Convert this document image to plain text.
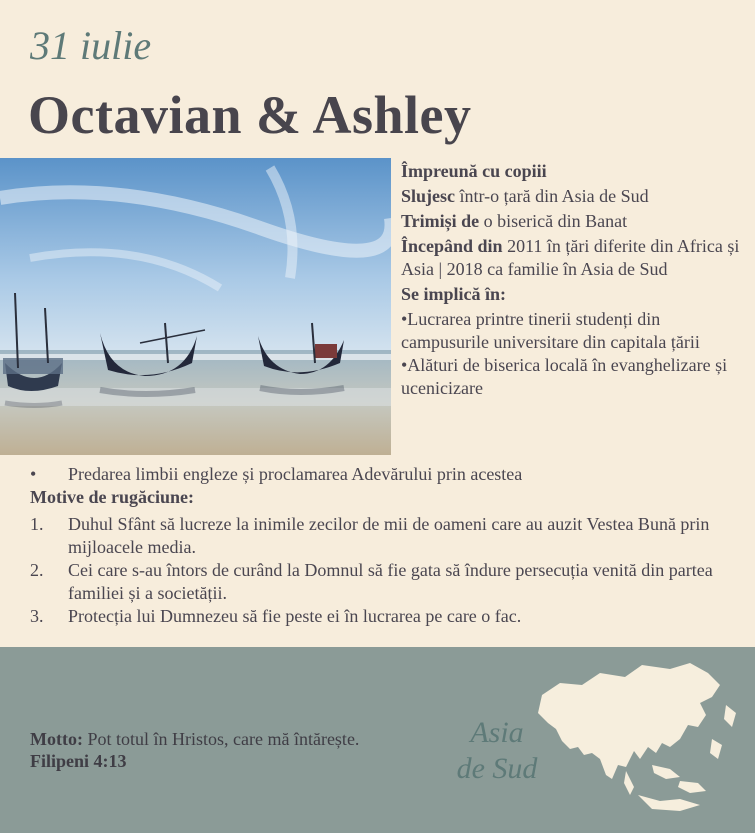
31 iulie
Octavian & Ashley

Împreună cu copiii

Slujesc într-o țară din Asia de Sud

Trimiși de o biserică din Banat

Începând din 2011 în țări diferite din Africa și Asia | 2018 ca familie în Asia de Sud

Se implică în:

•Lucrarea printre tinerii studenți din campusurile universitare din capitala țării

•Alături de biserica locală în evanghelizare și ucenicizare

•	Predarea limbii engleze și proclamarea Adevărului prin acestea
Motive de rugăciune:
1.	Duhul Sfânt să lucreze la inimile zecilor de mii de oameni care au auzit Vestea Bună prin mijloacele media.
2.	Cei care s-au întors de curând la Domnul să fie gata să îndure persecuția venită din partea familiei și a societății.
3.	Protecția lui Dumnezeu să fie peste ei în lucrarea pe care o fac.
Motto: Pot totul în Hristos, care mă întărește. Filipeni 4:13
Asia
de Sud
